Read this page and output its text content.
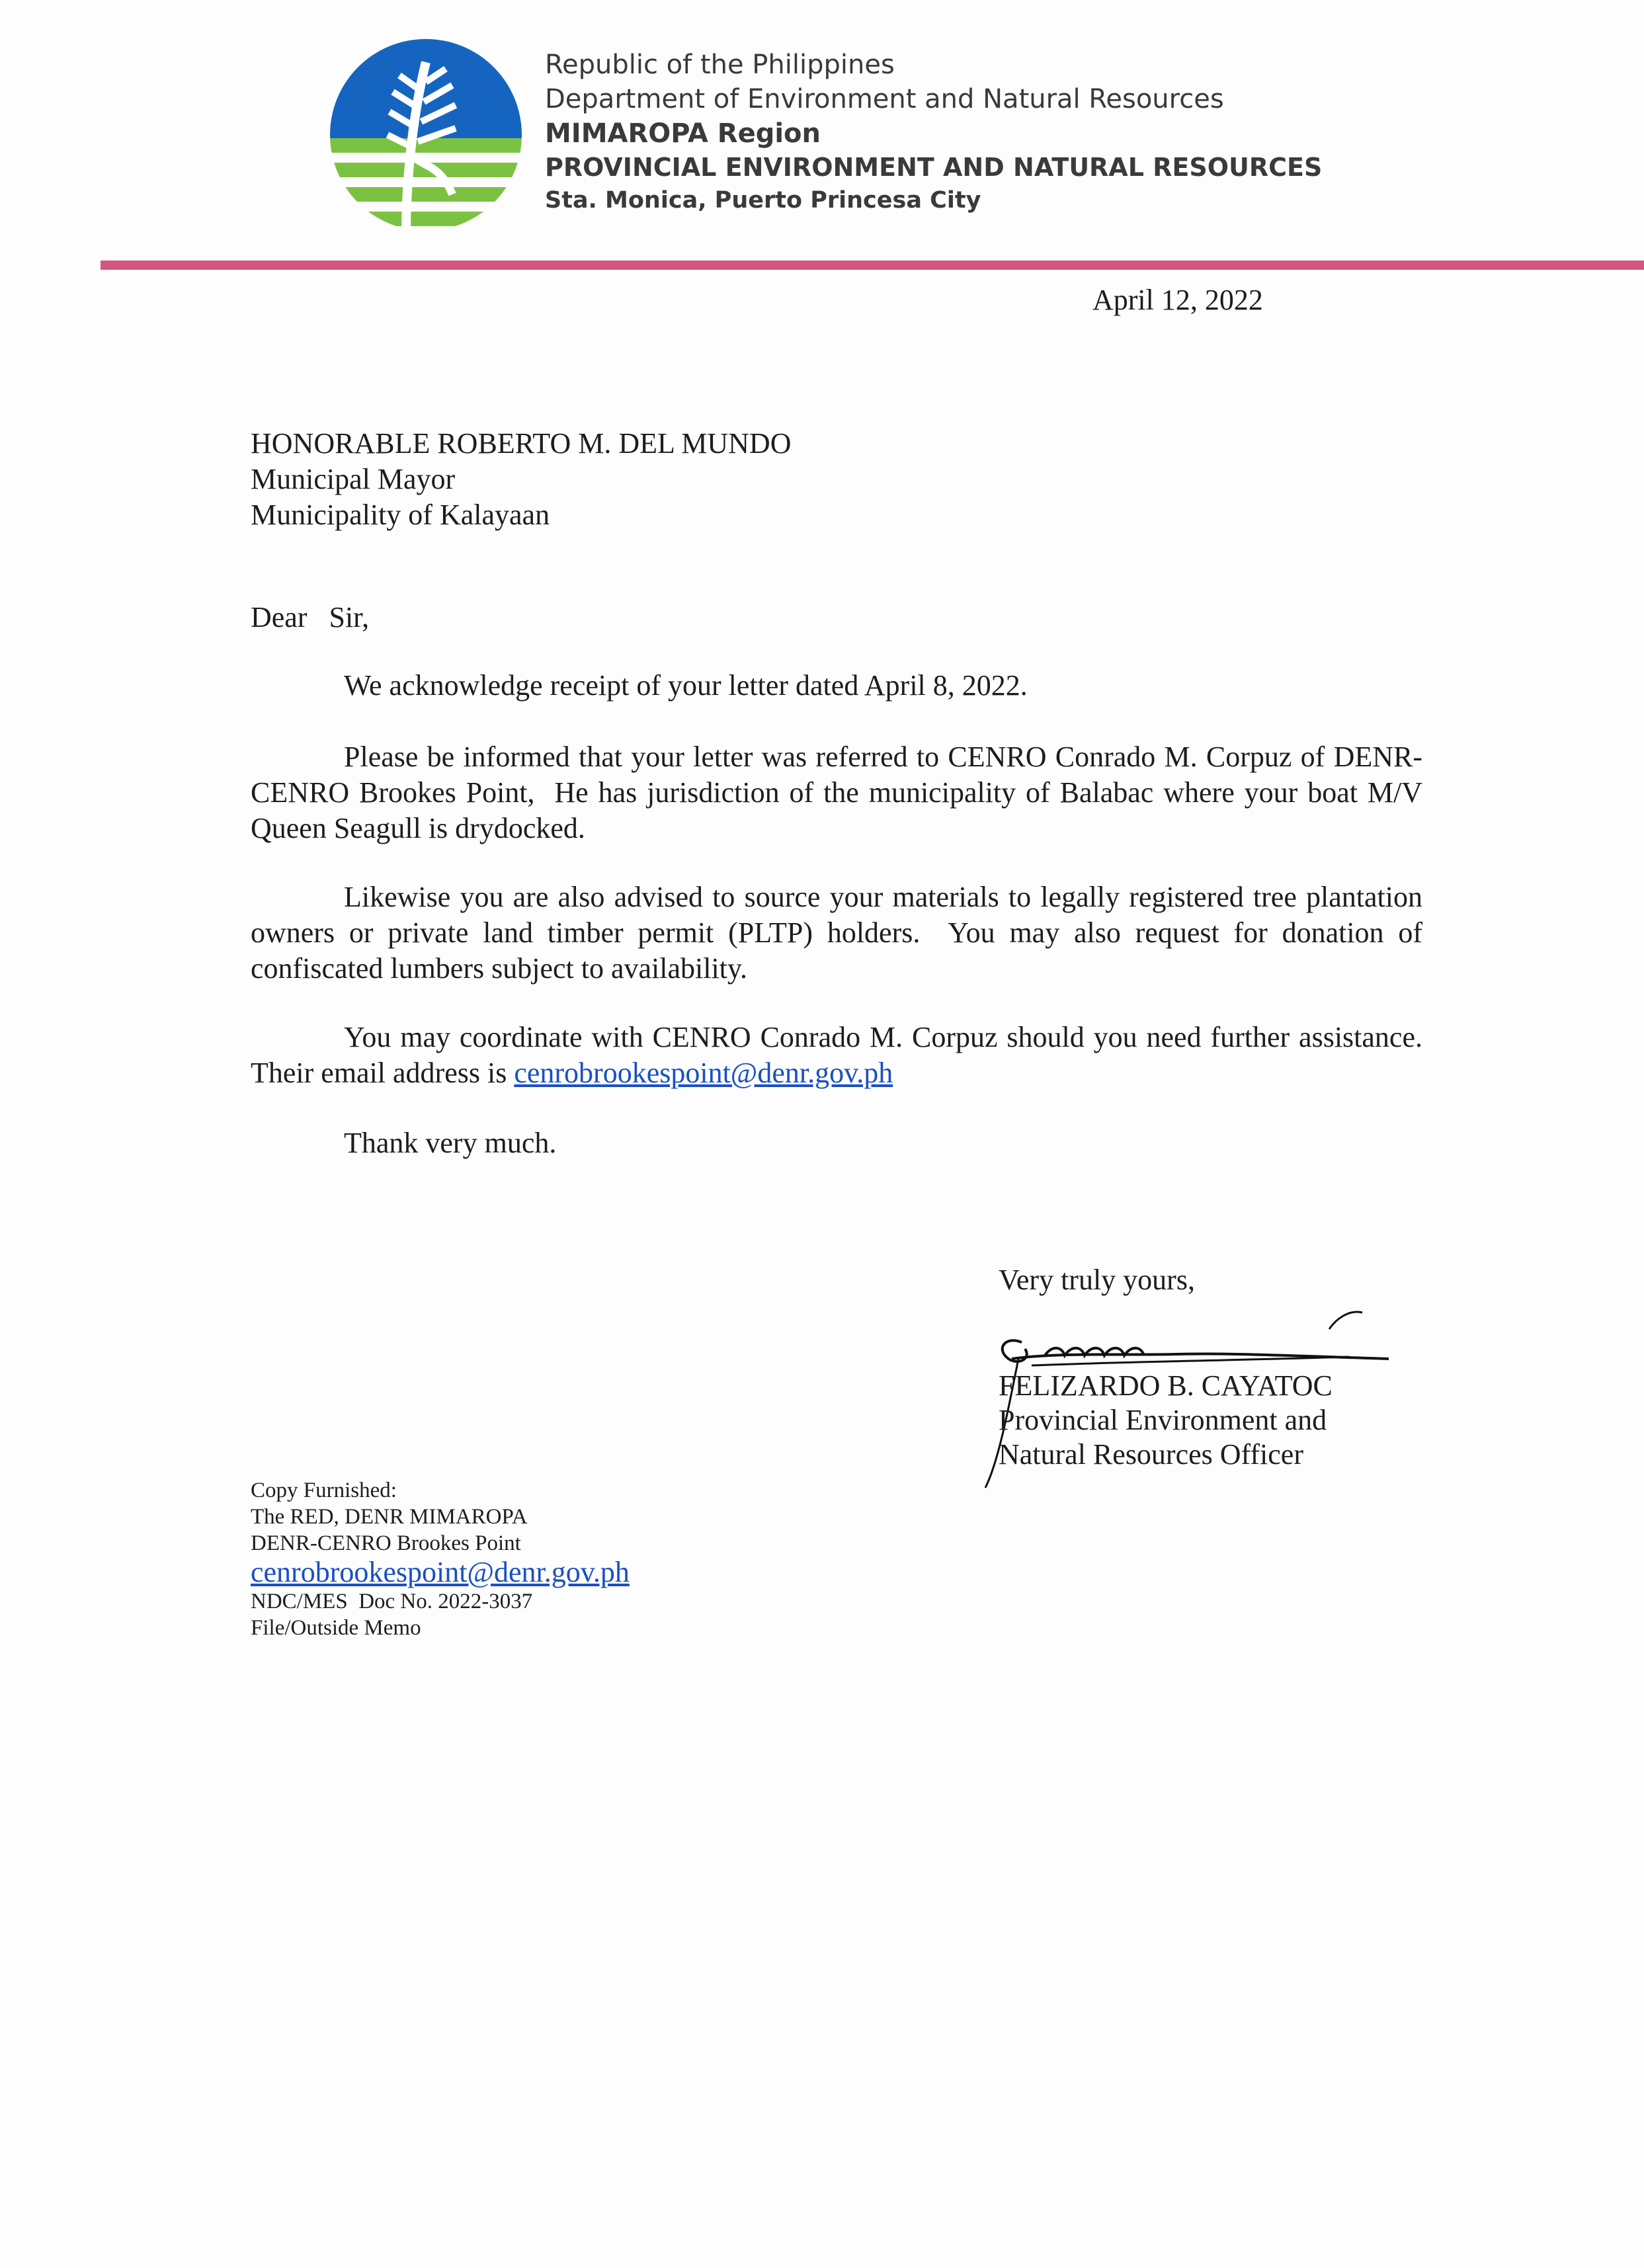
Republic of the Philippines
Department of Environment and Natural Resources
MIMAROPA Region
PROVINCIAL ENVIRONMENT AND NATURAL RESOURCES
Sta. Monica, Puerto Princesa City
April 12, 2022
HONORABLE ROBERTO M. DEL MUNDO
Municipal Mayor
Municipality of Kalayaan
Dear   Sir,
We acknowledge receipt of your letter dated April 8, 2022.
Please be informed that your letter was referred to CENRO Conrado M. Corpuz of DENR-CENRO Brookes Point,  He has jurisdiction of the municipality of Balabac where your boat M/V Queen Seagull is drydocked.
Likewise you are also advised to source your materials to legally registered tree plantation owners or private land timber permit (PLTP) holders.  You may also request for donation of confiscated lumbers subject to availability.
You may coordinate with CENRO Conrado M. Corpuz should you need further assistance.  Their email address is cenrobrookespoint@denr.gov.ph
Thank very much.
Very truly yours,
FELIZARDO B. CAYATOC
Provincial Environment and
Natural Resources Officer
Copy Furnished:
The RED, DENR MIMAROPA
DENR-CENRO Brookes Point
cenrobrookespoint@denr.gov.ph
NDC/MES  Doc No. 2022-3037
File/Outside Memo
